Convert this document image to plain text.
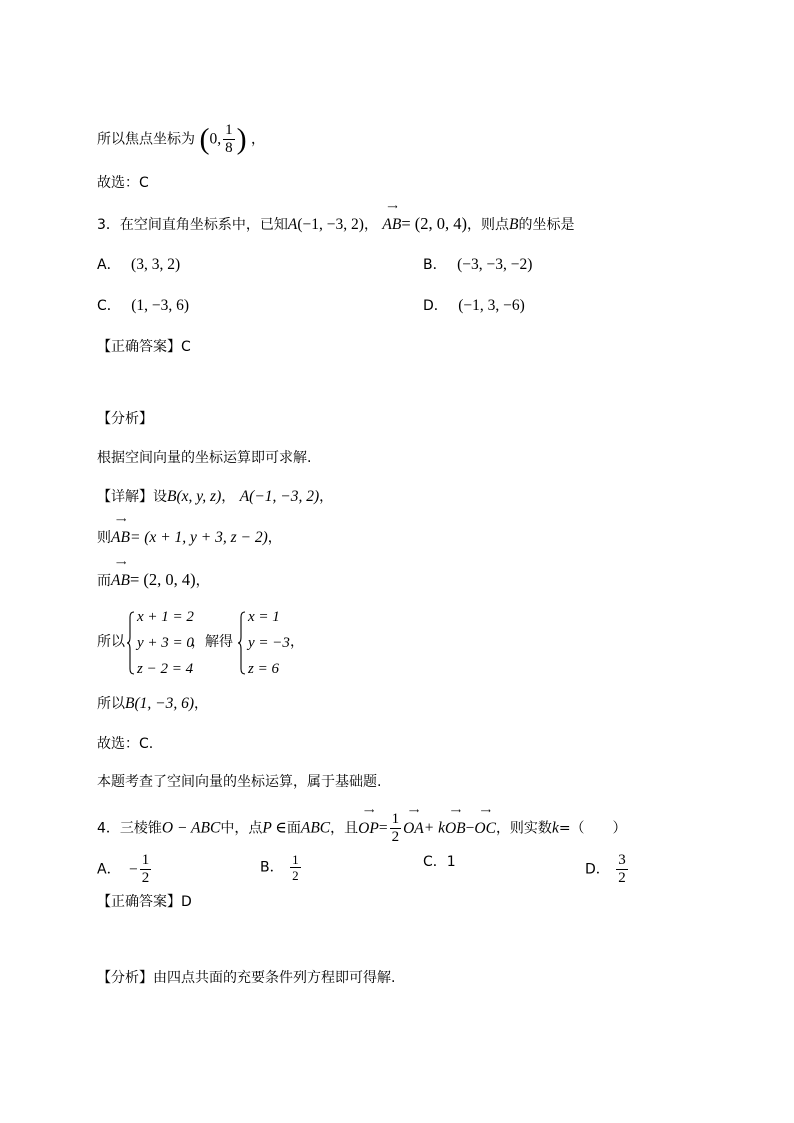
所以焦点坐标为 (0, $\frac{1}{8}$ ) ，
故选：C
3．在空间直角坐标系中，已知A(−1, −3, 2)，
⟶
AB= (2, 0, 4)，则点B的坐标是
A． (3, 3, 2)	B． (−3, −3, −2)
C． (1, −3, 6)	D． (−1, 3, −6)
【正确答案】C
【分析】
根据空间向量的坐标运算即可求解.
【详解】设B(x, y, z)， A(−1, −3, 2)，
则
⟶
AB= (x + 1, y + 3, z − 2)，
而
⟶
AB= (2, 0, 4)，
所以
x + 1 = 2
y + 3 = 0
z − 2 = 4
，解得
x = 1
y = −3
z = 6
，
所以B(1, −3, 6)，
故选：C.
本题考查了空间向量的坐标运算，属于基础题.
4．三棱锥O − ABC中，点P ∈面ABC，且
⟶
$OP= \frac{1}{2}$
⟶
OA+ k
⟶
OB−
⟶
OC，则实数k=（　　）
A． − $\frac{1}{2}$	B． $\frac{1}{2}$	C．1	D． $\frac{3}{2}$
【正确答案】D
【分析】由四点共面的充要条件列方程即可得解.
